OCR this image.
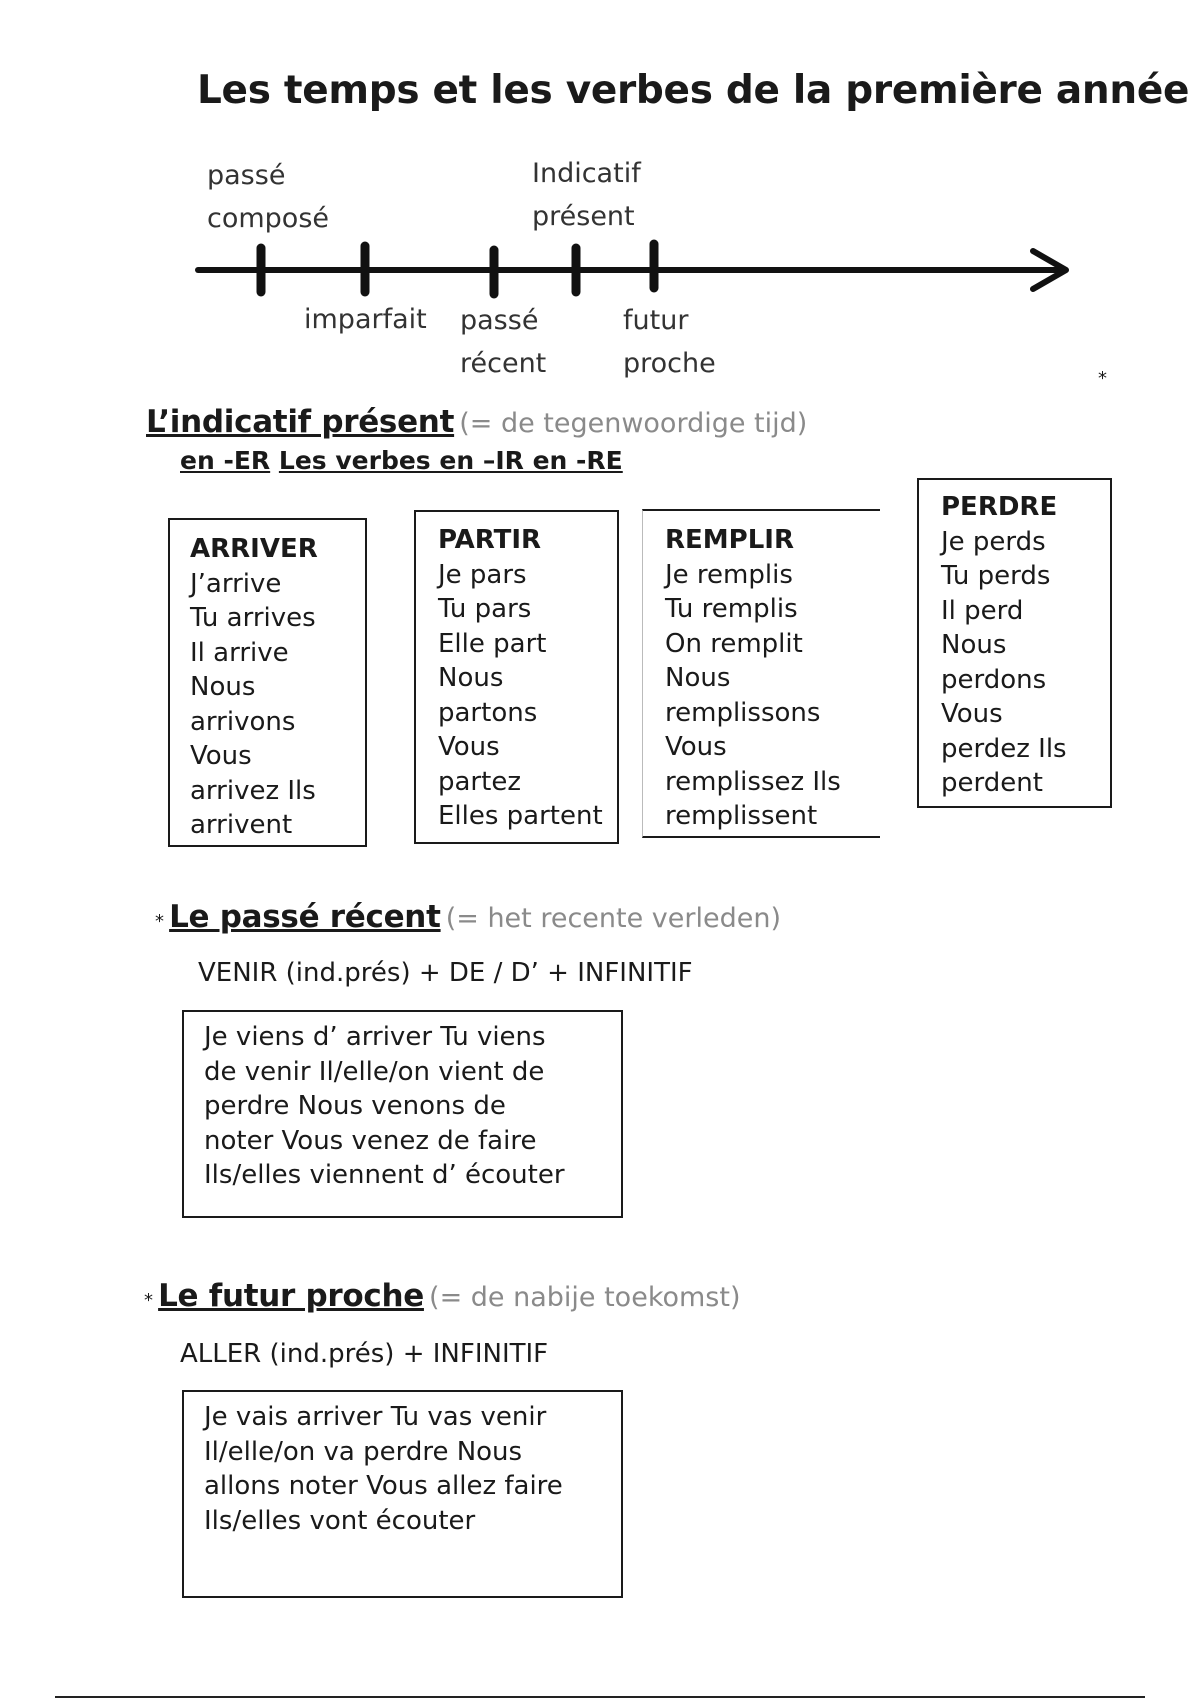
Les temps et les verbes de la première année
passé
composé
Indicatif
présent
imparfait passé
récent
futur
proche	*
L’indicatif présent (= de tegenwoordige tijd)
en -ER Les verbes en –IR en -RE
ARRIVER
J’arrive
Tu arrives
Il arrive
Nous
arrivons
Vous
arrivez Ils
arrivent
PARTIR
Je pars
Tu pars
Elle part
Nous
partons
Vous
partez
Elles partent
REMPLIR
Je remplis
Tu remplis
On remplit
Nous
remplissons
Vous
remplissez Ils
remplissent
PERDRE
Je perds
Tu perds
Il perd
Nous
perdons
Vous
perdez Ils
perdent
* Le passé récent (= het recente verleden)
VENIR (ind.prés) + DE / D’ + INFINITIF
Je viens d’ arriver Tu viens
de venir Il/elle/on vient de
perdre Nous venons de
noter Vous venez de faire
Ils/elles viennent d’ écouter
* Le futur proche (= de nabije toekomst)
ALLER (ind.prés) + INFINITIF
Je vais arriver Tu vas venir
Il/elle/on va perdre Nous
allons noter Vous allez faire
Ils/elles vont écouter
